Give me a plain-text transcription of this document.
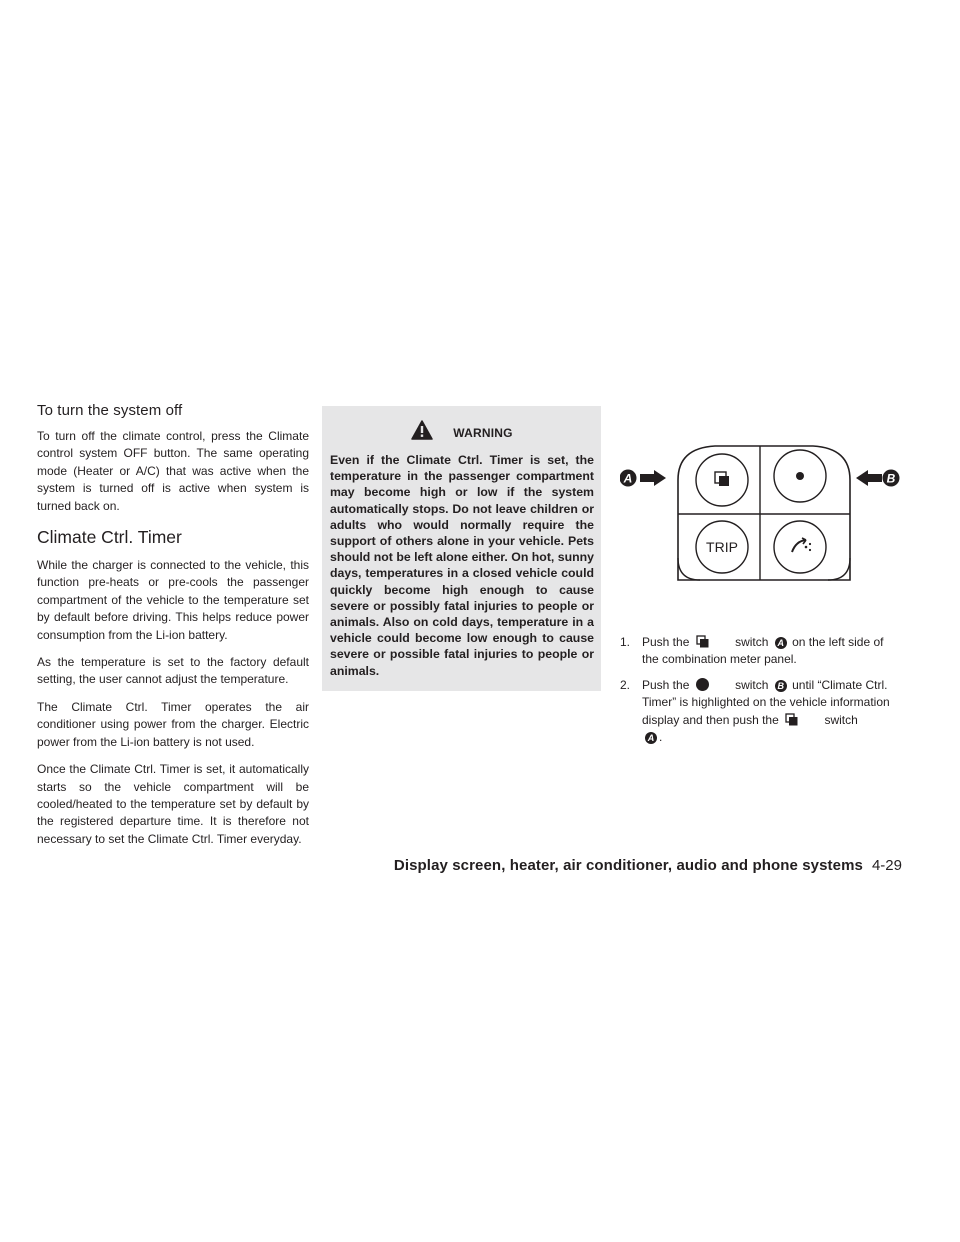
To turn the system off

To turn off the climate control, press the Climate control system OFF button. The same operating mode (Heater or A/C) that was active when the system is turned off is active when system is turned back on.

Climate Ctrl. Timer

While the charger is connected to the vehicle, this function pre-heats or pre-cools the passenger compartment of the vehicle to the temperature set by default before driving. This helps reduce power consumption from the Li-ion battery.

As the temperature is set to the factory default setting, the user cannot adjust the temperature.

The Climate Ctrl. Timer operates the air conditioner using power from the charger. Electric power from the Li-ion battery is not used.

Once the Climate Ctrl. Timer is set, it automatically starts so the vehicle compartment will be cooled/heated to the temperature set by default by the registered departure time. It is therefore not necessary to set the Climate Ctrl. Timer everyday.

WARNING

Even if the Climate Ctrl. Timer is set, the temperature in the passenger compartment may become high or low if the system automatically stops. Do not leave children or adults who would normally require the support of others alone in your vehicle. Pets should not be left alone either. On hot, sunny days, temperatures in a closed vehicle could quickly become high enough to cause severe or possibly fatal injuries to people or animals. Also on cold days, temperature in a vehicle could become low enough to cause severe or possible fatal injuries to people or animals.

TRIP
A	B
1. Push the	switch A on the left side of the combination meter panel.
2. Push the	switch B until “Climate Ctrl. Timer” is highlighted on the vehicle information display and then push the	switch
A .
Display screen, heater, air conditioner, audio and phone systems 4-29
